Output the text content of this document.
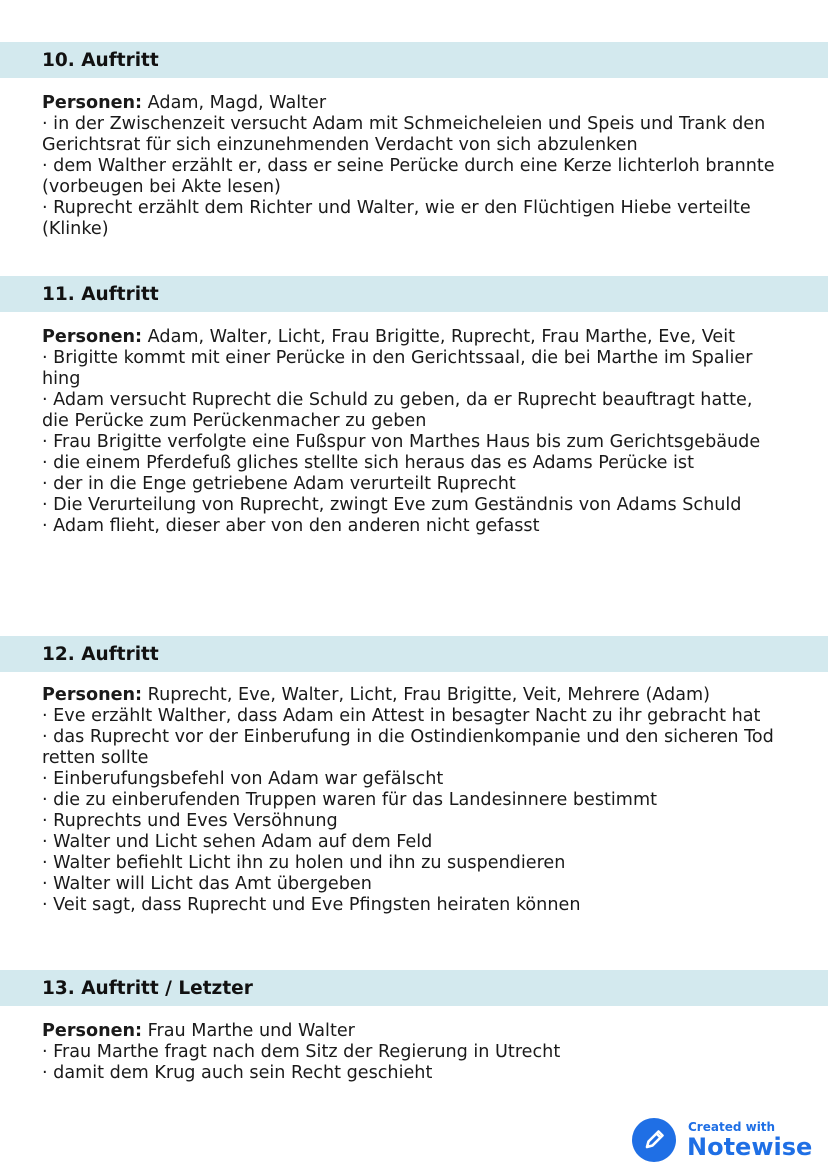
10. Auftritt

Personen: Adam, Magd, Walter

· in der Zwischenzeit versucht Adam mit Schmeicheleien und Speis und Trank den Gerichtsrat für sich einzunehmenden Verdacht von sich abzulenken

· dem Walther erzählt er, dass er seine Perücke durch eine Kerze lichterloh brannte (vorbeugen bei Akte lesen)

· Ruprecht erzählt dem Richter und Walter, wie er den Flüchtigen Hiebe verteilte (Klinke)

11. Auftritt

Personen: Adam, Walter, Licht, Frau Brigitte, Ruprecht, Frau Marthe, Eve, Veit

· Brigitte kommt mit einer Perücke in den Gerichtssaal, die bei Marthe im Spalier hing

· Adam versucht Ruprecht die Schuld zu geben, da er Ruprecht beauftragt hatte, die Perücke zum Perückenmacher zu geben

· Frau Brigitte verfolgte eine Fußspur von Marthes Haus bis zum Gerichtsgebäude

· die einem Pferdefuß gliches stellte sich heraus das es Adams Perücke ist

· der in die Enge getriebene Adam verurteilt Ruprecht

· Die Verurteilung von Ruprecht, zwingt Eve zum Geständnis von Adams Schuld

· Adam flieht, dieser aber von den anderen nicht gefasst

12. Auftritt

Personen: Ruprecht, Eve, Walter, Licht, Frau Brigitte, Veit, Mehrere (Adam)

· Eve erzählt Walther, dass Adam ein Attest in besagter Nacht zu ihr gebracht hat

· das Ruprecht vor der Einberufung in die Ostindienkompanie und den sicheren Tod retten sollte

· Einberufungsbefehl von Adam war gefälscht

· die zu einberufenden Truppen waren für das Landesinnere bestimmt

· Ruprechts und Eves Versöhnung

· Walter und Licht sehen Adam auf dem Feld

· Walter befiehlt Licht ihn zu holen und ihn zu suspendieren

· Walter will Licht das Amt übergeben

· Veit sagt, dass Ruprecht und Eve Pfingsten heiraten können

13. Auftritt / Letzter

Personen: Frau Marthe und Walter

· Frau Marthe fragt nach dem Sitz der Regierung in Utrecht

· damit dem Krug auch sein Recht geschieht

Created with
Notewise
